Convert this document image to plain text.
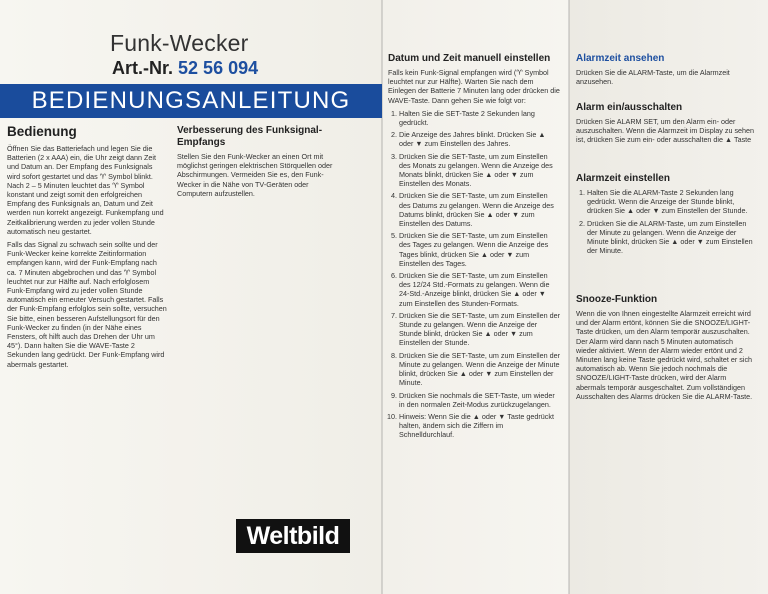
Funk-Wecker
Art.-Nr. 52 56 094
BEDIENUNGSANLEITUNG
Bedienung

Öffnen Sie das Batteriefach und legen Sie die Batterien (2 x AAA) ein, die Uhr zeigt dann Zeit und Datum an. Der Empfang des Funksignals wird sofort gestartet und das ♈ Symbol blinkt. Nach 2 – 5 Minuten leuchtet das ♈ Symbol konstant und zeigt somit den erfolgreichen Empfang des Funksignals an, Datum und Zeit werden nun korrekt angezeigt. Funkempfang und Zeitkalibrierung werden zu jeder vollen Stunde automatisch neu gestartet.

Falls das Signal zu schwach sein sollte und der Funk-Wecker keine korrekte Zeitinformation empfangen kann, wird der Funk-Empfang nach ca. 7 Minuten abgebrochen und das ♈ Symbol leuchtet nur zur Hälfte auf. Nach erfolglosem Funk-Empfang wird zu jeder vollen Stunde automatisch ein erneuter Versuch gestartet. Falls der Funk-Empfang erfolglos sein sollte, versuchen Sie bitte, einen besseren Aufstellungsort für den Funk-Wecker zu finden (in der Nähe eines Fensters, oft hilft auch das Drehen der Uhr um 45°). Dann halten Sie die WAVE-Taste 2 Sekunden lang gedrückt. Der Funk-Empfang wird abermals gestartet.

Verbesserung des Funksignal-Empfangs

Stellen Sie den Funk-Wecker an einen Ort mit möglichst geringen elektrischen Störquellen oder Abschirmungen. Vermeiden Sie es, den Funk-Wecker in die Nähe von TV-Geräten oder Computern aufzustellen.

Weltbild
Datum und Zeit manuell einstellen

Falls kein Funk-Signal empfangen wird (♈ Symbol leuchtet nur zur Hälfte). Warten Sie nach dem Einlegen der Batterie 7 Minuten lang oder drücken die WAVE-Taste. Dann gehen Sie wie folgt vor:

1. Halten Sie die SET-Taste 2 Sekunden lang gedrückt.
2. Die Anzeige des Jahres blinkt. Drücken Sie ▲ oder ▼ zum Einstellen des Jahres.
3. Drücken Sie die SET-Taste, um zum Einstellen des Monats zu gelangen. Wenn die Anzeige des Monats blinkt, drücken Sie ▲ oder ▼ zum Einstellen des Monats.
4. Drücken Sie die SET-Taste, um zum Einstellen des Datums zu gelangen. Wenn die Anzeige des Datums blinkt, drücken Sie ▲ oder ▼ zum Einstellen des Datums.
5. Drücken Sie die SET-Taste, um zum Einstellen des Tages zu gelangen. Wenn die Anzeige des Tages blinkt, drücken Sie ▲ oder ▼ zum Einstellen des Tages.
6. Drücken Sie die SET-Taste, um zum Einstellen des 12/24 Std.-Formats zu gelangen. Wenn die 24-Std.-Anzeige blinkt, drücken Sie ▲ oder ▼ zum Einstellen des Stunden-Formats.
7. Drücken Sie die SET-Taste, um zum Einstellen der Stunde zu gelangen. Wenn die Anzeige der Stunde blinkt, drücken Sie ▲ oder ▼ zum Einstellen der Stunde.
8. Drücken Sie die SET-Taste, um zum Einstellen der Minute zu gelangen. Wenn die Anzeige der Minute blinkt, drücken Sie ▲ oder ▼ zum Einstellen der Minute.
9. Drücken Sie nochmals die SET-Taste, um wieder in den normalen Zeit-Modus zurückzugelangen.
10. Hinweis: Wenn Sie die ▲ oder ▼ Taste gedrückt halten, ändern sich die Ziffern im Schnelldurchlauf.
Alarmzeit ansehen

Drücken Sie die ALARM-Taste, um die Alarmzeit anzusehen.

Alarm ein/ausschalten

Drücken Sie ALARM SET, um den Alarm ein- oder auszuschalten. Wenn die Alarmzeit im Display zu sehen ist, drücken Sie zum ein- oder ausschalten die ▲ Taste

Alarmzeit einstellen
1. Halten Sie die ALARM-Taste 2 Sekunden lang gedrückt. Wenn die Anzeige der Stunde blinkt, drücken Sie ▲ oder ▼ zum Einstellen der Stunde.
2. Drücken Sie die ALARM-Taste, um zum Einstellen der Minute zu gelangen. Wenn die Anzeige der Minute blinkt, drücken Sie ▲ oder ▼ zum Einstellen der Minute.
Snooze-Funktion

Wenn die von Ihnen eingestellte Alarmzeit erreicht wird und der Alarm ertönt, können Sie die SNOOZE/LIGHT-Taste drücken, um den Alarm temporär auszuschalten. Der Alarm wird dann nach 5 Minuten automatisch wieder aktiviert. Wenn der Alarm wieder ertönt und 2 Minuten lang keine Taste gedrückt wird, schaltet er sich automatisch ab. Wenn Sie jedoch nochmals die SNOOZE/LIGHT-Taste drücken, wird der Alarm abermals temporär ausgeschaltet. Zum vollständigen Ausschalten des Alarms drücken Sie die ALARM-Taste.
